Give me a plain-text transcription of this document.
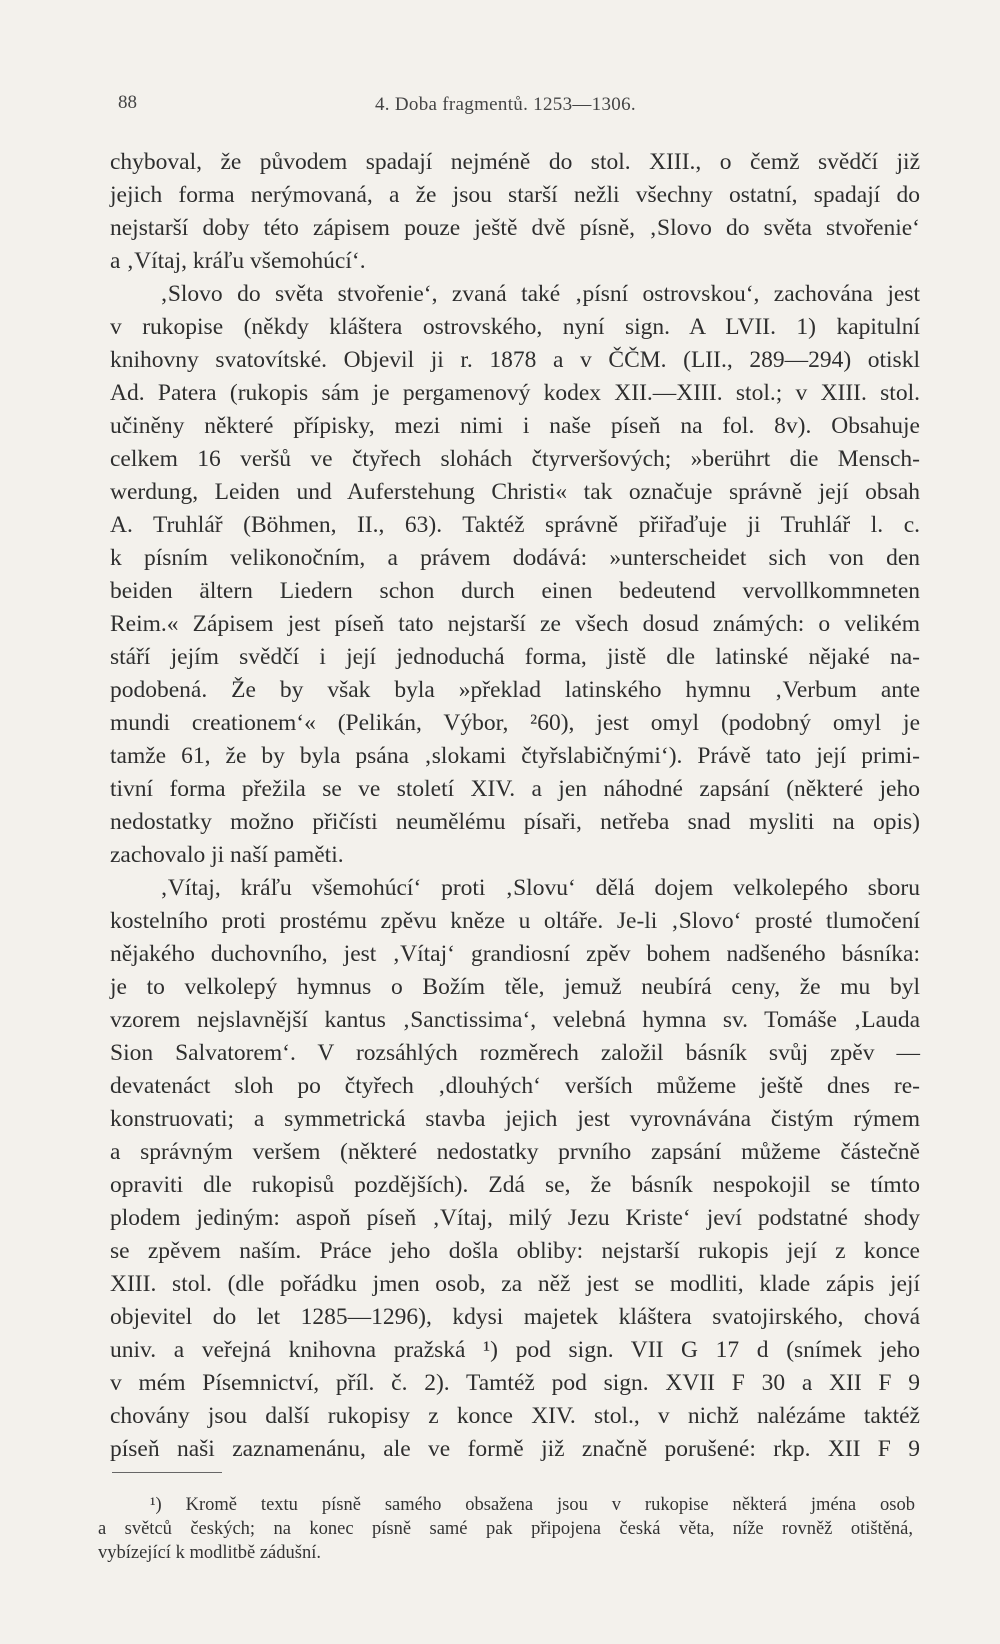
88	4. Doba fragmentů. 1253—1306.
chyboval, že původem spadají nejméně do stol. XIII., o čemž svědčí již
jejich forma nerýmovaná, a že jsou starší nežli všechny ostatní, spadají do
nejstarší doby této zápisem pouze ještě dvě písně, ‚Slovo do světa stvořenie‘
a ‚Vítaj, kráľu všemohúcí‘.
‚Slovo do světa stvořenie‘, zvaná také ‚písní ostrovskou‘, zachována jest
v rukopise (někdy kláštera ostrovského, nyní sign. A LVII. 1) kapitulní
knihovny svatovítské. Objevil ji r. 1878 a v ČČM. (LII., 289—294) otiskl
Ad. Patera (rukopis sám je pergamenový kodex XII.—XIII. stol.; v XIII. stol.
učiněny některé přípisky, mezi nimi i naše píseň na fol. 8v). Obsahuje
celkem 16 veršů ve čtyřech slohách čtyrveršových; »berührt die Mensch-
werdung, Leiden und Auferstehung Christi« tak označuje správně její obsah
A. Truhlář (Böhmen, II., 63). Taktéž správně přiřaďuje ji Truhlář l. c.
k písním velikonočním, a právem dodává: »unterscheidet sich von den
beiden ältern Liedern schon durch einen bedeutend vervollkommneten
Reim.« Zápisem jest píseň tato nejstarší ze všech dosud známých: o velikém
stáří jejím svědčí i její jednoduchá forma, jistě dle latinské nějaké na-
podobená. Že by však byla »překlad latinského hymnu ‚Verbum ante
mundi creationem‘« (Pelikán, Výbor, ²60), jest omyl (podobný omyl je
tamže 61, že by byla psána ‚slokami čtyřslabičnými‘). Právě tato její primi-
tivní forma přežila se ve století XIV. a jen náhodné zapsání (některé jeho
nedostatky možno přičísti neumělému písaři, netřeba snad mysliti na opis)
zachovalo ji naší paměti.
‚Vítaj, kráľu všemohúcí‘ proti ‚Slovu‘ dělá dojem velkolepého sboru
kostelního proti prostému zpěvu kněze u oltáře. Je-li ‚Slovo‘ prosté tlumočení
nějakého duchovního, jest ‚Vítaj‘ grandiosní zpěv bohem nadšeného básníka:
je to velkolepý hymnus o Božím těle, jemuž neubírá ceny, že mu byl
vzorem nejslavnější kantus ‚Sanctissima‘, velebná hymna sv. Tomáše ‚Lauda
Sion Salvatorem‘. V rozsáhlých rozměrech založil básník svůj zpěv —
devatenáct sloh po čtyřech ‚dlouhých‘ verších můžeme ještě dnes re-
konstruovati; a symmetrická stavba jejich jest vyrovnávána čistým rýmem
a správným veršem (některé nedostatky prvního zapsání můžeme částečně
opraviti dle rukopisů pozdějších). Zdá se, že básník nespokojil se tímto
plodem jediným: aspoň píseň ‚Vítaj, milý Jezu Kriste‘ jeví podstatné shody
se zpěvem naším. Práce jeho došla obliby: nejstarší rukopis její z konce
XIII. stol. (dle pořádku jmen osob, za něž jest se modliti, klade zápis její
objevitel do let 1285—1296), kdysi majetek kláštera svatojirského, chová
univ. a veřejná knihovna pražská ¹) pod sign. VII G 17 d (snímek jeho
v mém Písemnictví, příl. č. 2). Tamtéž pod sign. XVII F 30 a XII F 9
chovány jsou další rukopisy z konce XIV. stol., v nichž nalézáme taktéž
píseň naši zaznamenánu, ale ve formě již značně porušené: rkp. XII F 9
¹) Kromě textu písně samého obsažena jsou v rukopise některá jména osob
a světců českých; na konec písně samé pak připojena česká věta, níže rovněž otištěná,
vybízející k modlitbě zádušní.
